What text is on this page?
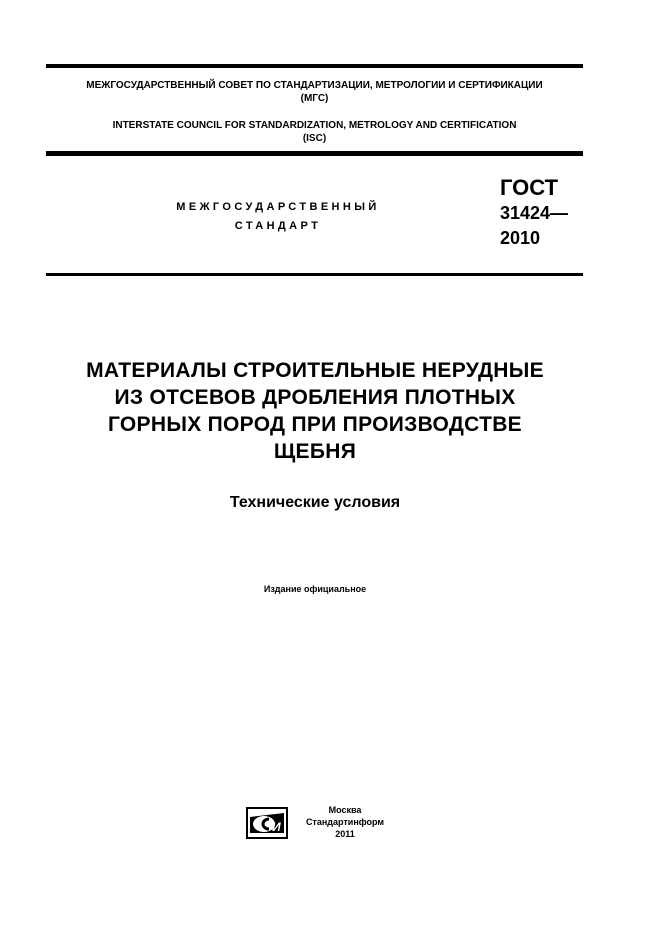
МЕЖГОСУДАРСТВЕННЫЙ СОВЕТ ПО СТАНДАРТИЗАЦИИ, МЕТРОЛОГИИ И СЕРТИФИКАЦИИ
(МГС)
INTERSTATE COUNCIL FOR STANDARDIZATION, METROLOGY AND CERTIFICATION
(ISC)
МЕЖГОСУДАРСТВЕННЫЙ
СТАНДАРТ
ГОСТ
31424—
2010
МАТЕРИАЛЫ СТРОИТЕЛЬНЫЕ НЕРУДНЫЕ
ИЗ ОТСЕВОВ ДРОБЛЕНИЯ ПЛОТНЫХ
ГОРНЫХ ПОРОД ПРИ ПРОИЗВОДСТВЕ
ЩЕБНЯ
Технические условия
Издание официальное
И
Москва
Стандартинформ
2011
